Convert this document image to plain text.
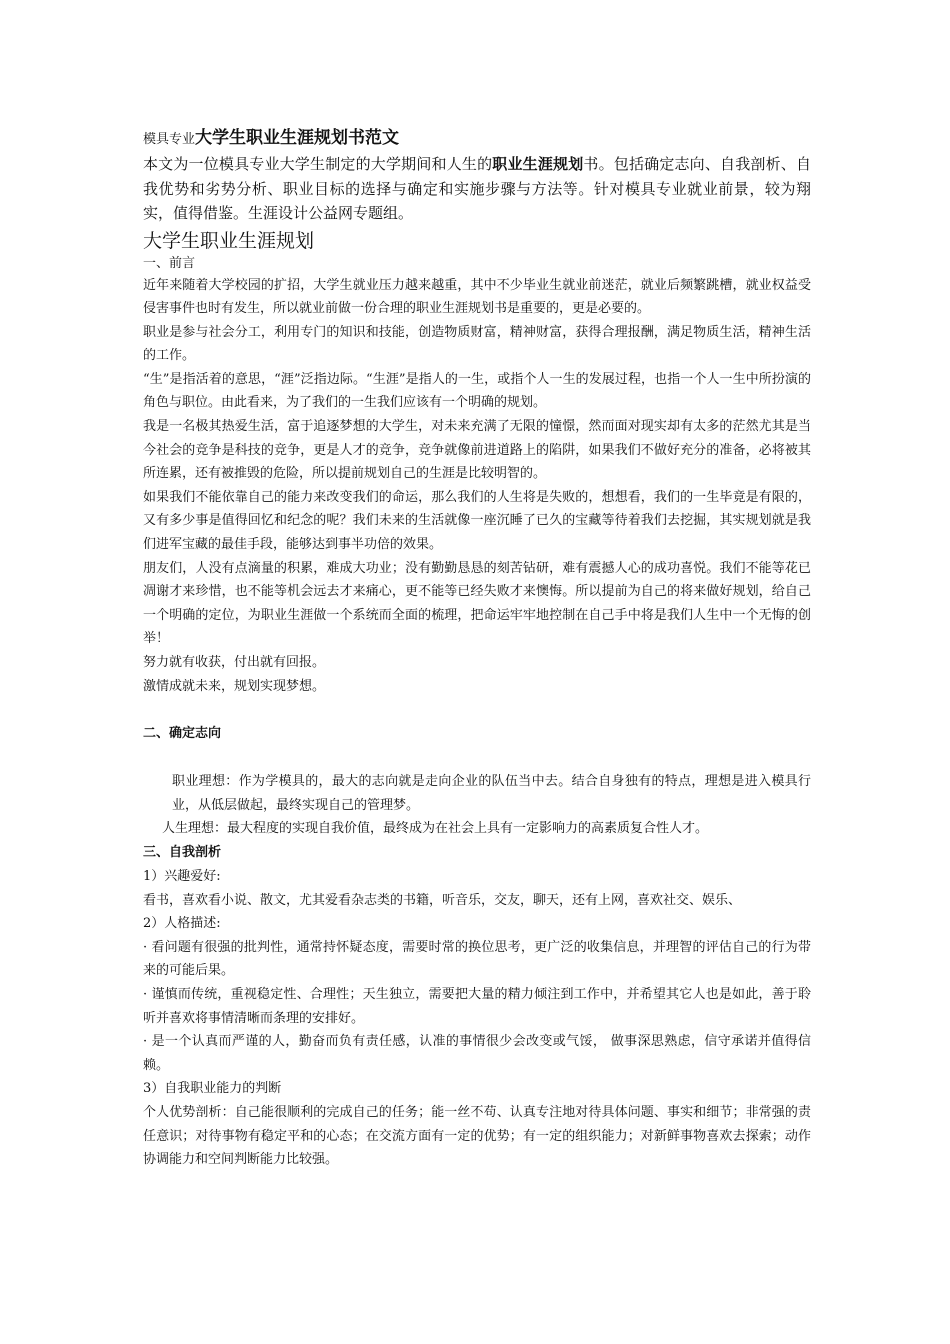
模具专业大学生职业生涯规划书范文
本文为一位模具专业大学生制定的大学期间和人生的职业生涯规划书。包括确定志向、自我剖析、自我优势和劣势分析、职业目标的选择与确定和实施步骤与方法等。针对模具专业就业前景，较为翔实，值得借鉴。生涯设计公益网专题组。
大学生职业生涯规划
一、前言

近年来随着大学校园的扩招，大学生就业压力越来越重，其中不少毕业生就业前迷茫，就业后频繁跳槽，就业权益受侵害事件也时有发生，所以就业前做一份合理的职业生涯规划书是重要的，更是必要的。

职业是参与社会分工，利用专门的知识和技能，创造物质财富，精神财富，获得合理报酬，满足物质生活，精神生活的工作。

“生”是指活着的意思，“涯”泛指边际。“生涯”是指人的一生，或指个人一生的发展过程，也指一个人一生中所扮演的角色与职位。由此看来，为了我们的一生我们应该有一个明确的规划。

我是一名极其热爱生活，富于追逐梦想的大学生，对未来充满了无限的憧憬，然而面对现实却有太多的茫然尤其是当今社会的竞争是科技的竞争，更是人才的竞争，竞争就像前进道路上的陷阱，如果我们不做好充分的准备，必将被其所连累，还有被推毁的危险，所以提前规划自己的生涯是比较明智的。

如果我们不能依靠自己的能力来改变我们的命运，那么我们的人生将是失败的，想想看，我们的一生毕竟是有限的，又有多少事是值得回忆和纪念的呢？我们未来的生活就像一座沉睡了已久的宝藏等待着我们去挖掘，其实规划就是我们进军宝藏的最佳手段，能够达到事半功倍的效果。

朋友们，人没有点滴量的积累，难成大功业；没有勤勤恳恳的刻苦钻研，难有震撼人心的成功喜悦。我们不能等花已凋谢才来珍惜，也不能等机会远去才来痛心，更不能等已经失败才来懊悔。所以提前为自己的将来做好规划，给自己一个明确的定位，为职业生涯做一个系统而全面的梳理，把命运牢牢地控制在自己手中将是我们人生中一个无悔的创举！

努力就有收获，付出就有回报。

激情成就未来，规划实现梦想。

二、确定志向

职业理想：作为学模具的，最大的志向就是走向企业的队伍当中去。结合自身独有的特点，理想是进入模具行业，从低层做起，最终实现自己的管理梦。

人生理想：最大程度的实现自我价值，最终成为在社会上具有一定影响力的高素质复合性人才。

三、自我剖析

1）兴趣爱好:

看书，喜欢看小说、散文，尤其爱看杂志类的书籍，听音乐，交友，聊天，还有上网，喜欢社交、娱乐、

2）人格描述:

· 看问题有很强的批判性，通常持怀疑态度，需要时常的换位思考，更广泛的收集信息，并理智的评估自己的行为带来的可能后果。

· 谨慎而传统，重视稳定性、合理性；天生独立，需要把大量的精力倾注到工作中，并希望其它人也是如此，善于聆听并喜欢将事情清晰而条理的安排好。

· 是一个认真而严谨的人，勤奋而负有责任感，认准的事情很少会改变或气馁， 做事深思熟虑，信守承诺并值得信赖。

3）自我职业能力的判断

个人优势剖析：自己能很顺利的完成自己的任务；能一丝不苟、认真专注地对待具体问题、事实和细节；非常强的责任意识；对待事物有稳定平和的心态；在交流方面有一定的优势；有一定的组织能力；对新鲜事物喜欢去探索；动作协调能力和空间判断能力比较强。
